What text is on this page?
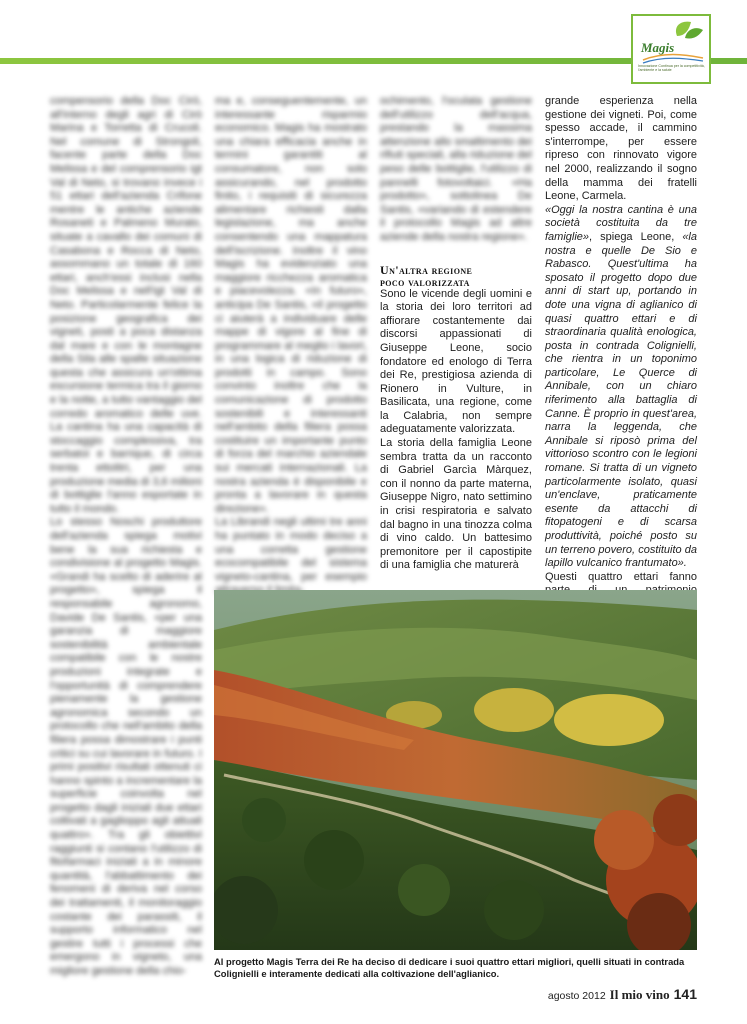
Magis
Innovazione Continua per la competitività, l'ambiente e la salute

compensorio della Doc Cirò, all'interno degli agri di Cirò Marina e Torretta di Crucoli. Nel comune di Strongoli, facente parte della Doc Melissa e del comprensorio igt Val di Neto, si trovano invece i 51 ettari dell'azienda Crifone mentre le antiche aziende Rosaneti e Palmeno Murato, situate a cavallo dei comuni di Casabona e Rocca di Neto, assommano un totale di 160 ettari, anch'essi inclusi nella Doc Melissa e nell'igt Val di Neto. Particolarmente felice la posizione geografica dei vigneti, posti a poca distanza dal mare e con le montagne della Sila alle spalle situazione questa che assicura un'ottima escursione termica tra il giorno e la notte, a tutto vantaggio del corredo aromatico delle uve. La cantina ha una capacità di stoccaggio complessiva, tra serbatoi e barrique, di circa trenta ettolitri, per una produzione media di 3,6 milioni di bottiglie l'anno esportate in tutto il mondo.

Lo stesso Noschi produttore dell'azienda spiega motivi bene la sua richiesta e condivisione al progetto Magis. «Grandi ha scelto di aderire al progetto», spiega il responsabile agronomo, Davide De Santis, «per una garanzia di maggiore sostenibilità ambientale compatibile con le nostre produzioni integrate e l'opportunità di comprendere pienamente la gestione agronomica secondo un protocollo che nell'ambito della filiera possa dimostrare i punti critici su cui lavorare in futuro. I primi positivi risultati ottenuti ci hanno spinto a incrementare la superficie coinvolta nel progetto dagli iniziali due ettari coltivati a gaglioppo agli attuali quattro». Tra gli obiettivi raggiunti si contano l'utilizzo di fitofarmaci iniziati a in minore quantità, l'abbattimento dei fenomeni di deriva nel corso dei trattamenti, il monitoraggio costante dei parassiti, il supporto informatico nel gestire tutti i processi che emergono in vigneto, una migliore gestione della chio-

ma e, conseguentemente, un interessante risparmio economico. Magis ha mostrato una chiara efficacia anche in termini garantiti al consumatore, non solo assicurando, nel prodotto finito, i requisiti di sicurezza alimentare richiesti dalla legislazione, ma anche consentendo una mappatura dell'iscrizione. Inoltre il vino Magis ha evidenziato una maggiore ricchezza aromatica e piacevolezza. «In futuro», anticipa De Santis, «il progetto ci aiuterà a individuare delle mappe di vigore al fine di programmare al meglio i lavori, in una logica di riduzione di prodotti in campo. Sono convinto inoltre che la comunicazione di prodotto sostenibili e interessanti nell'ambito della filiera possa costituire un importante punto di forza del marchio aziendale sui mercati internazionali. La nostra azienda è disponibile e pronta a lavorare in questa direzione».

La Librandi negli ultimi tre anni ha puntato in modo deciso a una corretta gestione ecocompatibile del sistema vigneto-cantina, per esempio

ochimento, l'oculata gestione dell'utilizzo dell'acqua, prestando la massima attenzione allo smaltimento dei rifiuti speciali, alla riduzione del peso delle bottiglie, l'utilizzo di pannelli fotovoltaici. «Ha prodotto», sottolinea De Santis, «variando di estendere il protocollo Magis ad altre aziende della nostra regione».

Un'altra regione
poco valorizzata

Sono le vicende degli uomini e la storia dei loro territori ad affiorare costantemente dai discorsi appassionati di Giuseppe Leone, socio fondatore ed enologo di Terra dei Re, prestigiosa azienda di Rionero in Vulture, in Basilicata, una regione, come la Calabria, non sempre adeguatamente valorizzata.

La storia della famiglia Leone sembra tratta da un racconto di Gabriel Garcìa Màrquez, con il nonno da parte materna, Giuseppe Nigro, nato settimino in crisi respiratoria e salvato dal bagno in una tinozza colma di vino caldo. Un battesimo premonitore per il capostipite di una famiglia che maturerà

grande esperienza nella gestione dei vigneti. Poi, come spesso accade, il cammino s'interrompe, per essere ripreso con rinnovato vigore nel 2000, realizzando il sogno della mamma dei fratelli Leone, Carmela.

«Oggi la nostra cantina è una società costituita da tre famiglie», spiega Leone, «la nostra e quelle De Sio e Rabasco. Quest'ultima ha sposato il progetto dopo due anni di start up, portando in dote una vigna di aglianico di quasi quattro ettari e di straordinaria qualità enologica, posta in contrada Colignielli, che rientra in un toponimo particolare, Le Querce di Annibale, con un chiaro riferimento alla battaglia di Canne. È proprio in quest'area, narra la leggenda, che Annibale si riposò prima del vittorioso scontro con le legioni romane. Si tratta di un vigneto particolarmente isolato, quasi un'enclave, praticamente esente da attacchi di fitopatogeni e di scarsa produttività, poiché posto su un terreno povero, costituito da lapillo vulcanico frantumato».

Questi quattro ettari fanno

Al progetto Magis Terra dei Re ha deciso di dedicare i suoi quattro ettari migliori, quelli situati in contrada Colignielli e interamente dedicati alla coltivazione dell'aglianico.
agosto 2012 Il mio vino 141
